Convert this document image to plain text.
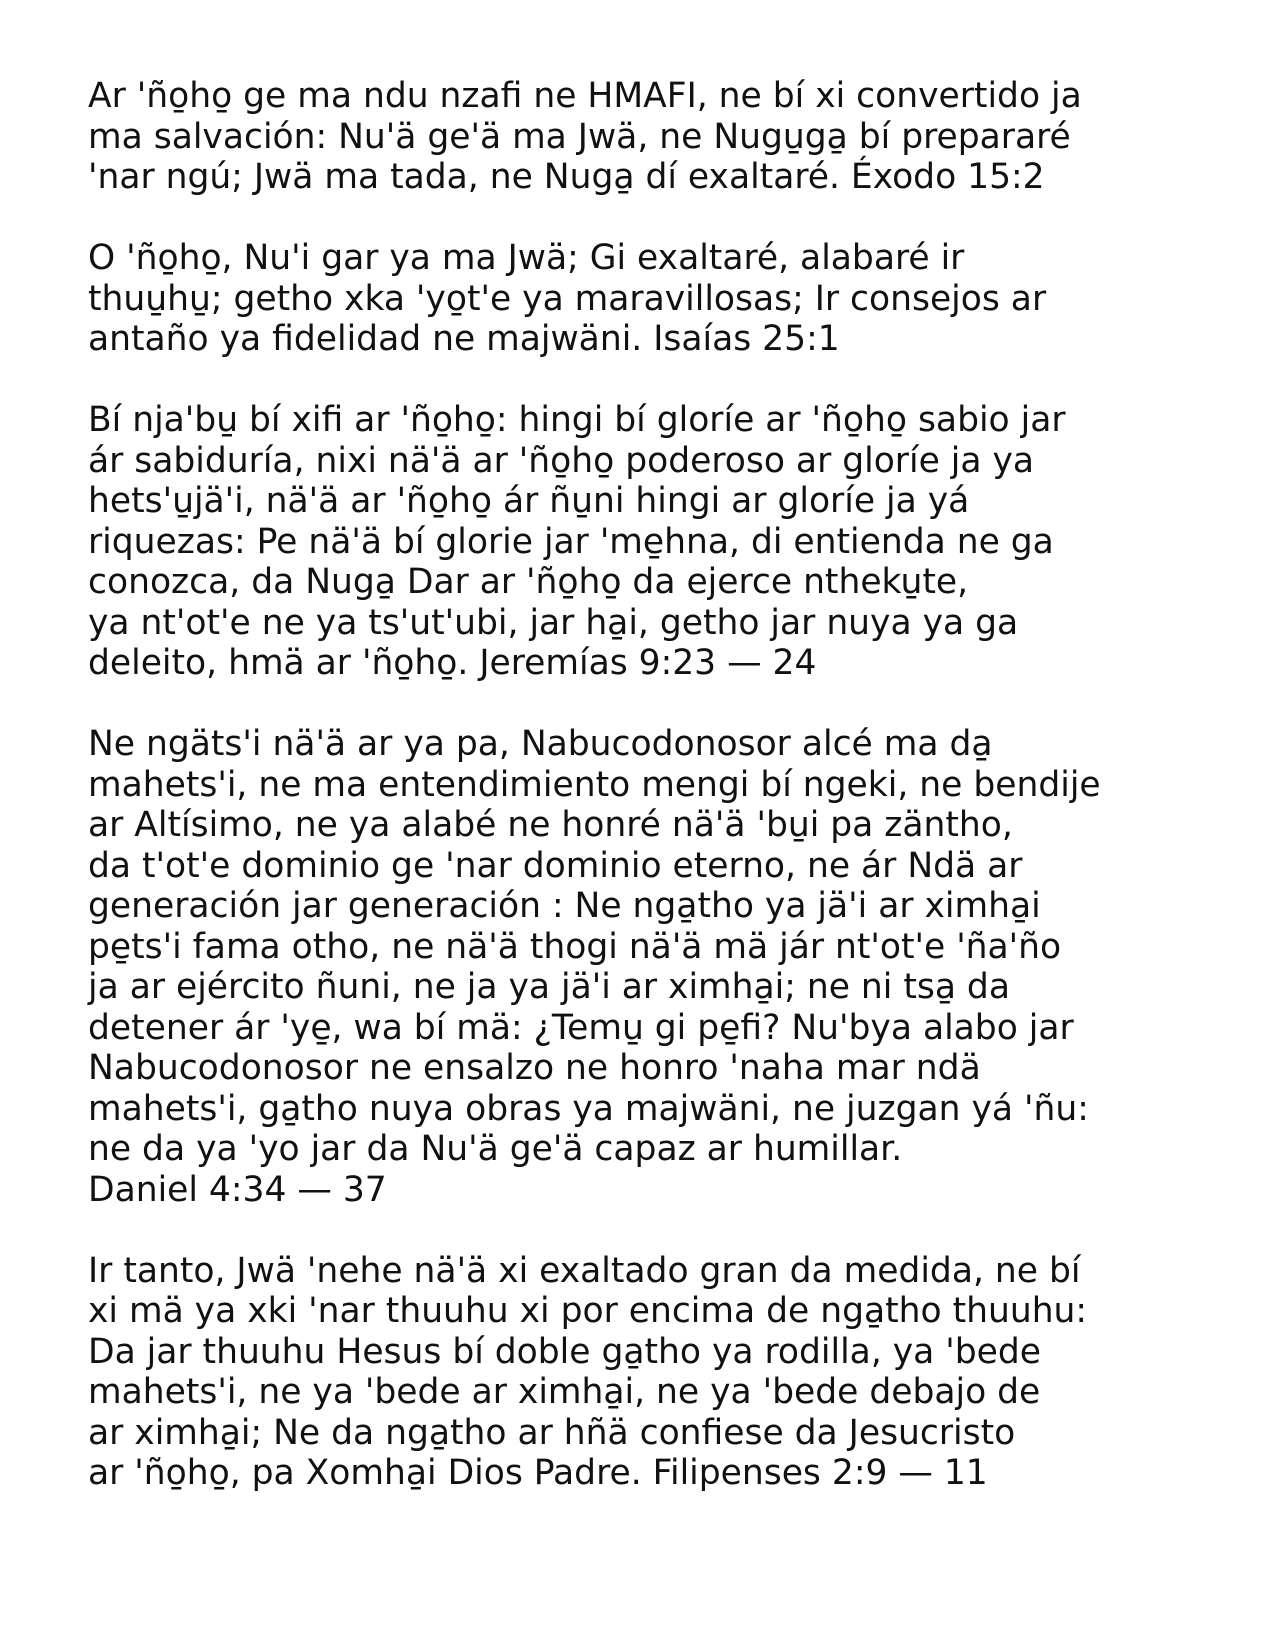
Ar 'ño̱ho̱ ge ma ndu nzafi ne HMAFI, ne bí xi convertido ja
ma salvación: Nu'ä ge'ä ma Jwä, ne Nugu̱ga̱ bí prepararé
'nar ngú; Jwä ma tada, ne Nuga̱ dí exaltaré. Éxodo 15:2

O 'ño̱ho̱, Nu'i gar ya ma Jwä; Gi exaltaré, alabaré ir
thuu̱hu̱; getho xka 'yo̱t'e ya maravillosas; Ir consejos ar
antaño ya fidelidad ne majwäni. Isaías 25:1

Bí nja'bu̱ bí xifi ar 'ño̱ho̱: hingi bí gloríe ar 'ño̱ho̱ sabio jar
ár sabiduría, nixi nä'ä ar 'ño̱ho̱ poderoso ar gloríe ja ya
hets'u̱jä'i, nä'ä ar 'ño̱ho̱ ár ñu̱ni hingi ar gloríe ja yá
riquezas: Pe nä'ä bí glorie jar 'me̱hna, di entienda ne ga
conozca, da Nuga̱ Dar ar 'ño̱ho̱ da ejerce ntheku̱te,
ya nt'ot'e ne ya ts'ut'ubi, jar ha̱i, getho jar nuya ya ga
deleito, hmä ar 'ño̱ho̱. Jeremías 9:23 — 24

Ne ngäts'i nä'ä ar ya pa, Nabucodonosor alcé ma da̱
mahets'i, ne ma entendimiento mengi bí ngeki, ne bendije
ar Altísimo, ne ya alabé ne honré nä'ä 'bu̱i pa zäntho,
da t'ot'e dominio ge 'nar dominio eterno, ne ár Ndä ar
generación jar generación : Ne nga̱tho ya jä'i ar ximha̱i
pe̱ts'i fama otho, ne nä'ä thogi nä'ä mä jár nt'ot'e 'ña'ño
ja ar ejército ñuni, ne ja ya jä'i ar ximha̱i; ne ni tsa̱ da
detener ár 'ye̱, wa bí mä: ¿Temu̱ gi pe̱fi? Nu'bya alabo jar
Nabucodonosor ne ensalzo ne honro 'naha mar ndä
mahets'i, ga̱tho nuya obras ya majwäni, ne juzgan yá 'ñu:
ne da ya 'yo jar da Nu'ä ge'ä capaz ar humillar.
Daniel 4:34 — 37

Ir tanto, Jwä 'nehe nä'ä xi exaltado gran da medida, ne bí
xi mä ya xki 'nar thuuhu xi por encima de nga̱tho thuuhu:
Da jar thuuhu Hesus bí doble ga̱tho ya rodilla, ya 'bede
mahets'i, ne ya 'bede ar ximha̱i, ne ya 'bede debajo de
ar ximha̱i; Ne da nga̱tho ar hñä confiese da Jesucristo
ar 'ño̱ho̱, pa Xomha̱i Dios Padre. Filipenses 2:9 — 11
